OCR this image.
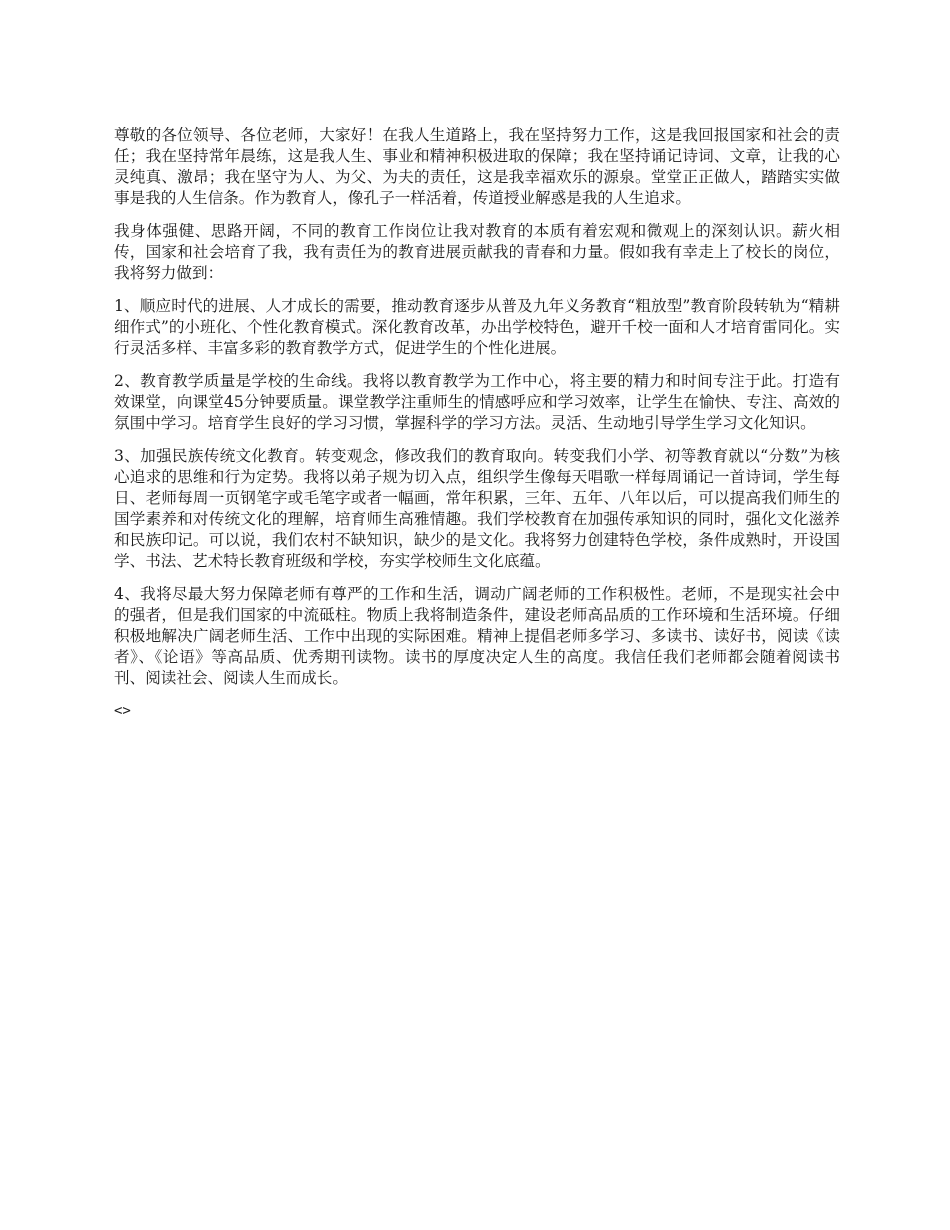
尊敬的各位领导、各位老师，大家好！在我人生道路上，我在坚持努力工作，这是我回报国家和社会的责任；我在坚持常年晨练，这是我人生、事业和精神积极进取的保障；我在坚持诵记诗词、文章，让我的心灵纯真、激昂；我在坚守为人、为父、为夫的责任，这是我幸福欢乐的源泉。堂堂正正做人，踏踏实实做事是我的人生信条。作为教育人，像孔子一样活着，传道授业解惑是我的人生追求。

我身体强健、思路开阔，不同的教育工作岗位让我对教育的本质有着宏观和微观上的深刻认识。薪火相传，国家和社会培育了我，我有责任为的教育进展贡献我的青春和力量。假如我有幸走上了校长的岗位，我将努力做到：

1、顺应时代的进展、人才成长的需要，推动教育逐步从普及九年义务教育“粗放型”教育阶段转轨为“精耕细作式”的小班化、个性化教育模式。深化教育改革，办出学校特色，避开千校一面和人才培育雷同化。实行灵活多样、丰富多彩的教育教学方式，促进学生的个性化进展。

2、教育教学质量是学校的生命线。我将以教育教学为工作中心，将主要的精力和时间专注于此。打造有效课堂，向课堂45分钟要质量。课堂教学注重师生的情感呼应和学习效率，让学生在愉快、专注、高效的氛围中学习。培育学生良好的学习习惯，掌握科学的学习方法。灵活、生动地引导学生学习文化知识。

3、加强民族传统文化教育。转变观念，修改我们的教育取向。转变我们小学、初等教育就以“分数”为核心追求的思维和行为定势。我将以弟子规为切入点，组织学生像每天唱歌一样每周诵记一首诗词，学生每日、老师每周一页钢笔字或毛笔字或者一幅画，常年积累，三年、五年、八年以后，可以提高我们师生的国学素养和对传统文化的理解，培育师生高雅情趣。我们学校教育在加强传承知识的同时，强化文化滋养和民族印记。可以说，我们农村不缺知识，缺少的是文化。我将努力创建特色学校，条件成熟时，开设国学、书法、艺术特长教育班级和学校，夯实学校师生文化底蕴。

4、我将尽最大努力保障老师有尊严的工作和生活，调动广阔老师的工作积极性。老师，不是现实社会中的强者，但是我们国家的中流砥柱。物质上我将制造条件，建设老师高品质的工作环境和生活环境。仔细积极地解决广阔老师生活、工作中出现的实际困难。精神上提倡老师多学习、多读书、读好书，阅读《读者》、《论语》等高品质、优秀期刊读物。读书的厚度决定人生的高度。我信任我们老师都会随着阅读书刊、阅读社会、阅读人生而成长。

<>
